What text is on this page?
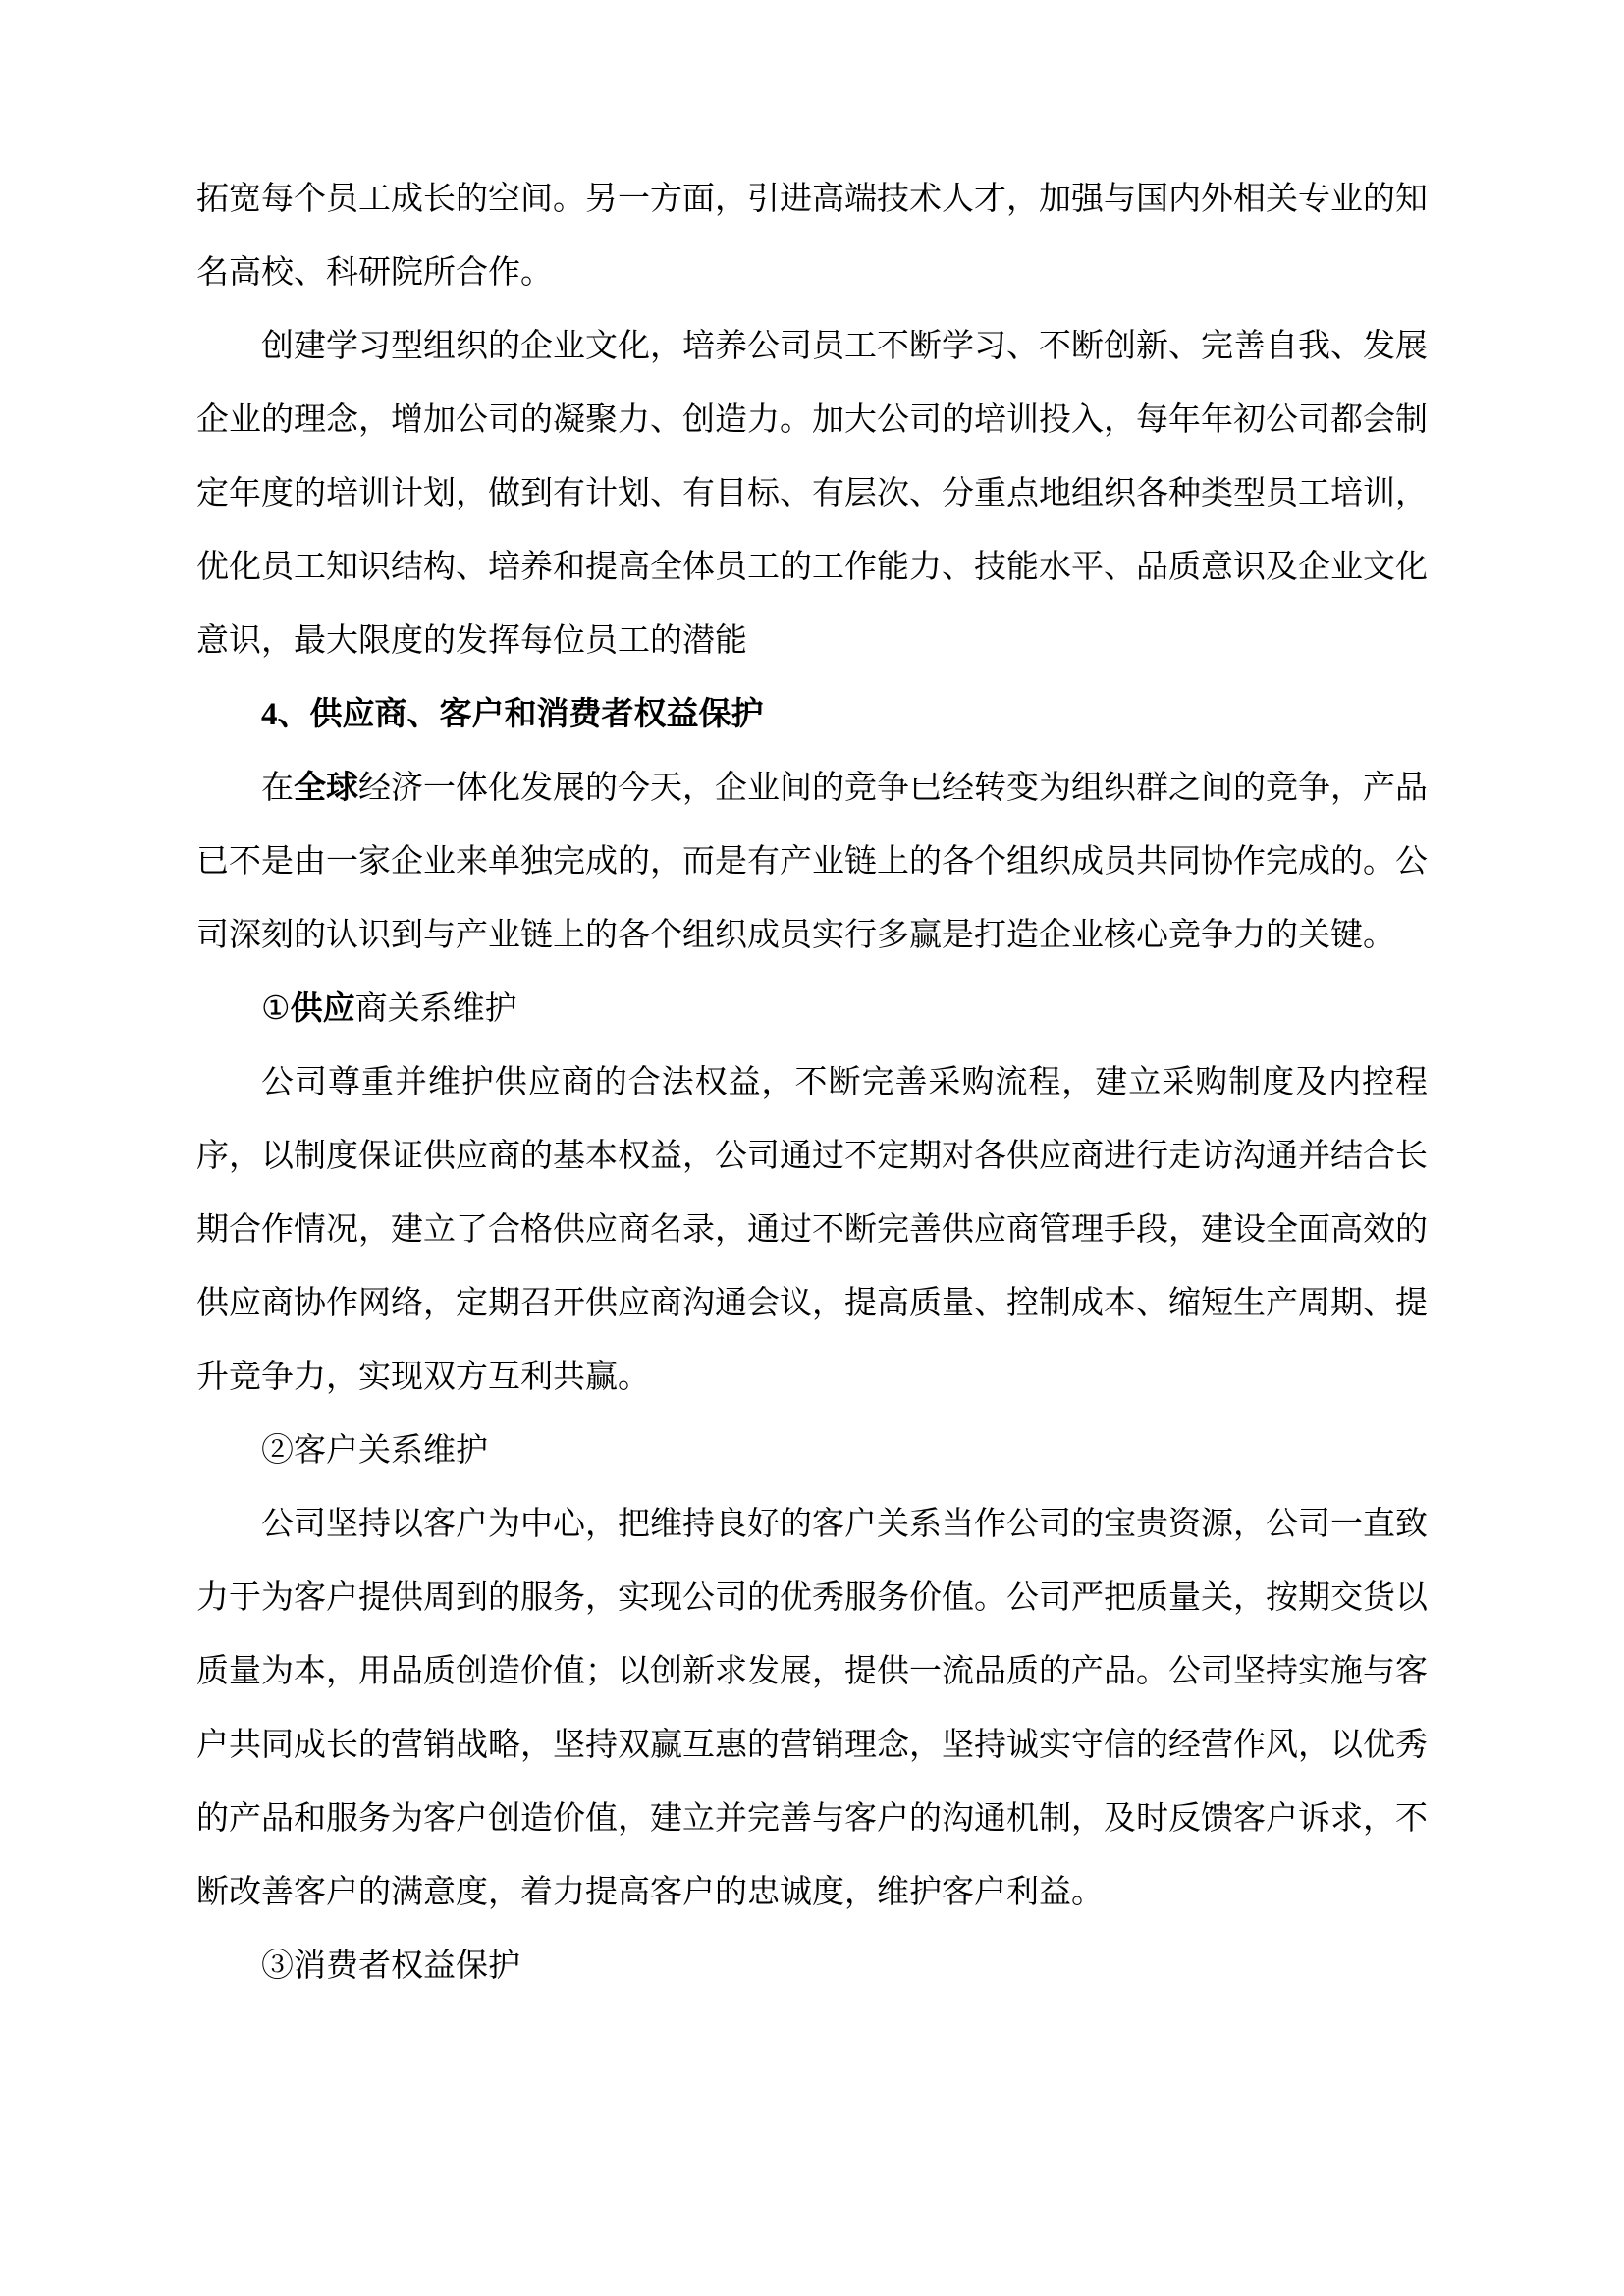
拓宽每个员工成长的空间。另一方面，引进高端技术人才，加强与国内外相关专业的知名高校、科研院所合作。

创建学习型组织的企业文化，培养公司员工不断学习、不断创新、完善自我、发展企业的理念，增加公司的凝聚力、创造力。加大公司的培训投入，每年年初公司都会制定年度的培训计划，做到有计划、有目标、有层次、分重点地组织各种类型员工培训，优化员工知识结构、培养和提高全体员工的工作能力、技能水平、品质意识及企业文化意识，最大限度的发挥每位员工的潜能

4、供应商、客户和消费者权益保护

在全球经济一体化发展的今天，企业间的竞争已经转变为组织群之间的竞争，产品已不是由一家企业来单独完成的，而是有产业链上的各个组织成员共同协作完成的。公司深刻的认识到与产业链上的各个组织成员实行多赢是打造企业核心竞争力的关键。

①供应商关系维护

公司尊重并维护供应商的合法权益，不断完善采购流程，建立采购制度及内控程序，以制度保证供应商的基本权益，公司通过不定期对各供应商进行走访沟通并结合长期合作情况，建立了合格供应商名录，通过不断完善供应商管理手段，建设全面高效的供应商协作网络，定期召开供应商沟通会议，提高质量、控制成本、缩短生产周期、提升竞争力，实现双方互利共赢。

②客户关系维护

公司坚持以客户为中心，把维持良好的客户关系当作公司的宝贵资源，公司一直致力于为客户提供周到的服务，实现公司的优秀服务价值。公司严把质量关，按期交货以质量为本，用品质创造价值；以创新求发展，提供一流品质的产品。公司坚持实施与客户共同成长的营销战略，坚持双赢互惠的营销理念，坚持诚实守信的经营作风，以优秀的产品和服务为客户创造价值，建立并完善与客户的沟通机制，及时反馈客户诉求，不断改善客户的满意度，着力提高客户的忠诚度，维护客户利益。

③消费者权益保护
